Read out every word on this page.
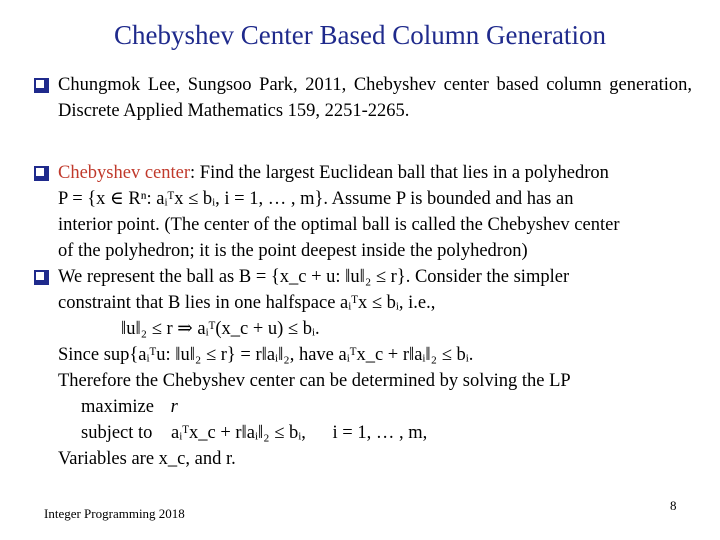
Chebyshev Center Based Column Generation
Chungmok Lee, Sungsoo Park, 2011, Chebyshev center based column generation, Discrete Applied Mathematics 159, 2251-2265.
Chebyshev center: Find the largest Euclidean ball that lies in a polyhedron
P = {x ∈ Rⁿ: aᵢᵀx ≤ bᵢ, i = 1, … , m}. Assume P is bounded and has an
interior point. (The center of the optimal ball is called the Chebyshev center
of the polyhedron; it is the point deepest inside the polyhedron)
We represent the ball as B = {x_c + u: ‖u‖₂ ≤ r}. Consider the simpler
constraint that B lies in one halfspace aᵢᵀx ≤ bᵢ, i.e.,
‖u‖₂ ≤ r ⇒ aᵢᵀ(x_c + u) ≤ bᵢ.
Since sup{aᵢᵀu: ‖u‖₂ ≤ r} = r‖aᵢ‖₂, have aᵢᵀx_c + r‖aᵢ‖₂ ≤ bᵢ.
Therefore the Chebyshev center can be determined by solving the LP
maximize r
subject to aᵢᵀx_c + r‖aᵢ‖₂ ≤ bᵢ, i = 1, … , m,
Variables are x_c, and r.
Integer Programming 2018
8
